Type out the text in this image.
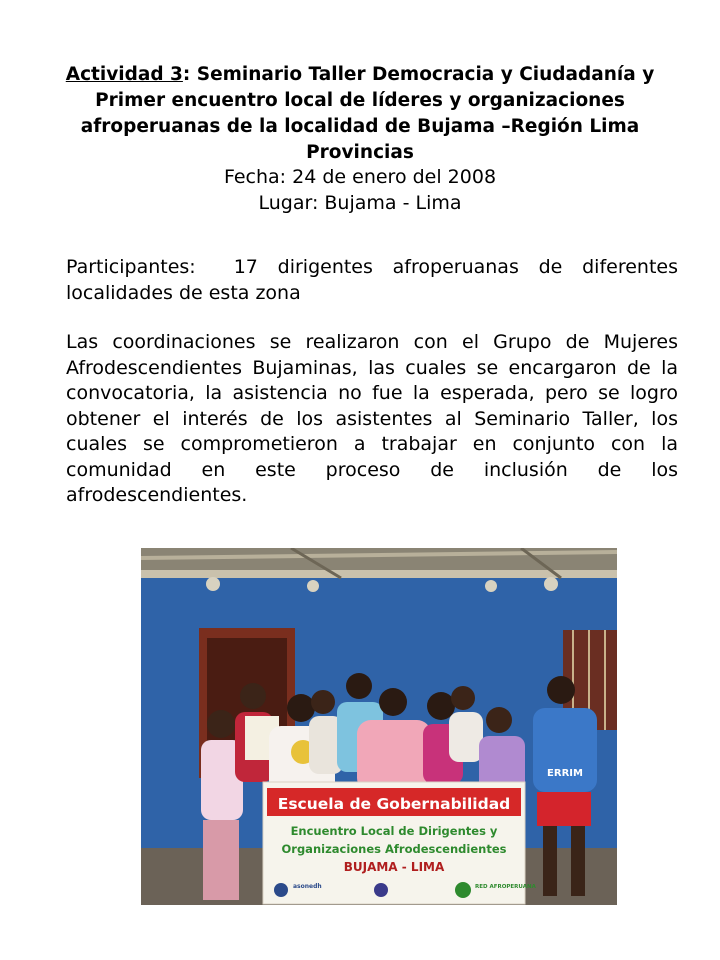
Actividad 3: Seminario Taller Democracia y Ciudadanía y Primer encuentro local de líderes y organizaciones afroperuanas de la localidad de Bujama –Región Lima Provincias
Fecha: 24 de enero del 2008
Lugar: Bujama - Lima
Participantes: 17 dirigentes afroperuanas de diferentes localidades de esta zona
Las coordinaciones se realizaron con el Grupo de Mujeres Afrodescendientes Bujaminas, las cuales se encargaron de la convocatoria, la asistencia no fue la esperada, pero se logro obtener el interés de los asistentes al Seminario Taller, los cuales se comprometieron a trabajar en conjunto con la comunidad en este proceso de inclusión de los afrodescendientes.
ERRIM
Escuela de Gobernabilidad
Encuentro Local de Dirigentes y
Organizaciones Afrodescendientes
BUJAMA - LIMA
asonedh	RED AFROPERUANA
